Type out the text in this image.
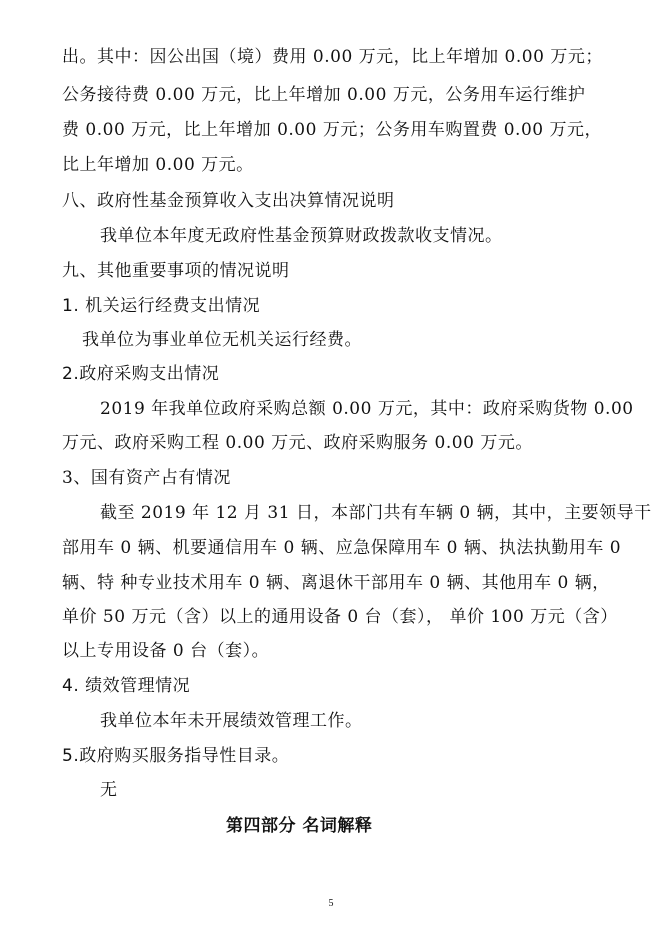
出。其中：因公出国（境）费用 0.00 万元，比上年增加 0.00 万元；
公务接待费 0.00 万元，比上年增加 0.00 万元，公务用车运行维护
费 0.00 万元，比上年增加 0.00 万元；公务用车购置费 0.00 万元，
比上年增加 0.00 万元。
八、政府性基金预算收入支出决算情况说明
我单位本年度无政府性基金预算财政拨款收支情况。
九、其他重要事项的情况说明
1. 机关运行经费支出情况
我单位为事业单位无机关运行经费。
2.政府采购支出情况
2019 年我单位政府采购总额 0.00 万元，其中：政府采购货物 0.00
万元、政府采购工程 0.00 万元、政府采购服务 0.00 万元。
3、国有资产占有情况
截至 2019 年 12 月 31 日，本部门共有车辆 0 辆，其中，主要领导干
部用车 0 辆、机要通信用车 0 辆、应急保障用车 0 辆、执法执勤用车 0
辆、特 种专业技术用车 0 辆、离退休干部用车 0 辆、其他用车 0 辆，
单价 50 万元（含）以上的通用设备 0 台（套）， 单价 100 万元（含）
以上专用设备 0 台（套）。
4. 绩效管理情况
我单位本年未开展绩效管理工作。
5.政府购买服务指导性目录。
无
第四部分 名词解释
5
